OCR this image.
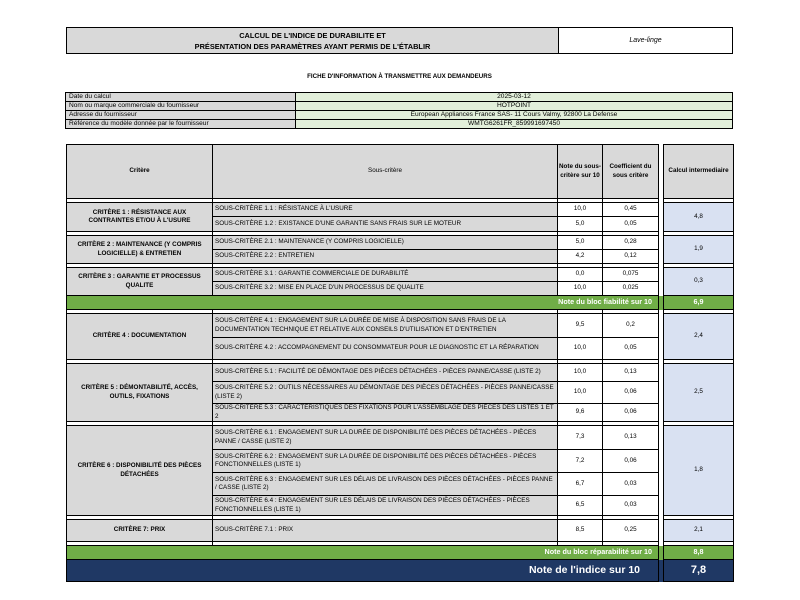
CALCUL DE L'INDICE DE DURABILITE ET
PRÉSENTATION DES PARAMÈTRES AYANT PERMIS DE L'ÉTABLIR
Lave-linge
FICHE D'INFORMATION À TRANSMETTRE AUX DEMANDEURS
Date du calcul	2025-03-12
Nom ou marque commerciale du fournisseur	HOTPOINT
Adresse du fournisseur	European Appliances France SAS- 11 Cours Valmy, 92800 La Defense
Référence du modèle donnée par le fournisseur	WMTG6261FR_859991697450
Critère	Sous-critère	Note du sous-critère sur 10	Coefficient du sous critère		Calcul intermediaire

CRITÈRE 1 : RÉSISTANCE AUX CONTRAINTES ET/OU À L'USURE	SOUS-CRITÈRE 1.1 : RÉSISTANCE À L'USURE	10,0	0,45		4,8
	SOUS-CRITÈRE 1.2 : EXISTANCE D'UNE GARANTIE SANS FRAIS SUR LE MOTEUR	5,0	0,05		

CRITÈRE 2 : MAINTENANCE (Y COMPRIS LOGICIELLE) & ENTRETIEN	SOUS-CRITÈRE 2.1 : MAINTENANCE (Y COMPRIS LOGICIELLE)	5,0	0,28		1,9
	SOUS-CRITÈRE 2.2 : ENTRETIEN	4,2	0,12		

CRITÈRE 3 : GARANTIE ET PROCESSUS QUALITE	SOUS-CRITÈRE 3.1 : GARANTIE COMMERCIALE DE DURABILITÉ	0,0	0,075		0,3
	SOUS-CRITÈRE 3.2 : MISE EN PLACE D'UN PROCESSUS DE QUALITE	10,0	0,025		
Note du bloc fiabilité sur 10					6,9

CRITÈRE 4 : DOCUMENTATION	SOUS-CRITÈRE 4.1 : ENGAGEMENT SUR LA DURÉE DE MISE À DISPOSITION SANS FRAIS DE LA DOCUMENTATION TECHNIQUE ET RELATIVE AUX CONSEILS D'UTILISATION ET D'ENTRETIEN	9,5	0,2		2,4
	SOUS-CRITÈRE 4.2 : ACCOMPAGNEMENT DU CONSOMMATEUR POUR LE DIAGNOSTIC ET LA RÉPARATION	10,0	0,05		

CRITÈRE 5 : DÉMONTABILITÉ, ACCÈS, OUTILS, FIXATIONS	SOUS-CRITÈRE 5.1 : FACILITÉ DE DÉMONTAGE DES PIÈCES DÉTACHÉES - PIÈCES PANNE/CASSE (LISTE 2)	10,0	0,13		2,5
	SOUS-CRITÈRE 5.2 : OUTILS NÉCESSAIRES AU DÉMONTAGE DES PIÈCES DÉTACHÉES - PIÈCES PANNE/CASSE (LISTE 2)	10,0	0,06		
	SOUS-CRITÈRE 5.3 : CARACTÉRISTIQUES DES FIXATIONS POUR L'ASSEMBLAGE DES PIÈCES DES LISTES 1 ET 2	9,6	0,06		

CRITÈRE 6 : DISPONIBILITÉ DES PIÈCES DÉTACHÉES	SOUS-CRITÈRE 6.1 : ENGAGEMENT SUR LA DURÉE DE DISPONIBILITÉ DES PIÈCES DÉTACHÉES - PIÈCES PANNE / CASSE (LISTE 2)	7,3	0,13		1,8
	SOUS-CRITÈRE 6.2 : ENGAGEMENT SUR LA DURÉE DE DISPONIBILITÉ DES PIÈCES DÉTACHÉES - PIÈCES FONCTIONNELLES (LISTE 1)	7,2	0,06		
	SOUS-CRITÈRE 6.3 : ENGAGEMENT SUR LES DÉLAIS DE LIVRAISON DES PIÈCES DÉTACHÉES - PIÈCES PANNE / CASSE (LISTE 2)	6,7	0,03		
	SOUS-CRITÈRE 6.4 : ENGAGEMENT SUR LES DÉLAIS DE LIVRAISON DES PIÈCES DÉTACHÉES - PIÈCES FONCTIONNELLES (LISTE 1)	6,5	0,03		

CRITÈRE 7: PRIX	SOUS-CRITÈRE 7.1 : PRIX	8,5	0,25		2,1

Note du bloc réparabilité sur 10					8,8
Note de l'indice sur 10					7,8
